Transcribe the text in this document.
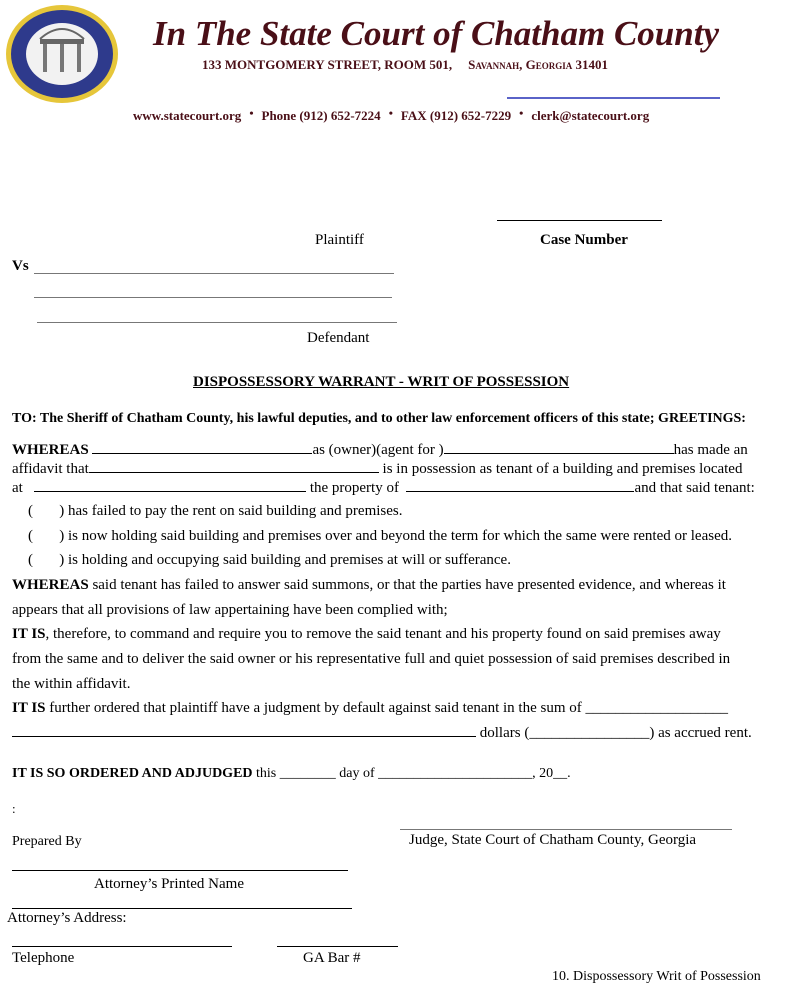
In The State Court of Chatham County
133 MONTGOMERY STREET, ROOM 501, Savannah, Georgia 31401
www.statecourt.org • Phone (912) 652-7224 • FAX (912) 652-7229 • clerk@statecourt.org
Plaintiff	Case Number
Vs
Defendant
DISPOSSESSORY WARRANT - WRIT OF POSSESSION
TO: The Sheriff of Chatham County, his lawful deputies, and to other law enforcement officers of this state; GREETINGS:
WHEREAS	as (owner)(agent for )	has made an
affidavit that	is in possession as tenant of a building and premises located
at	the property of	and that said tenant:
(       ) has failed to pay the rent on said building and premises.
(       ) is now holding said building and premises over and beyond the term for which the same were rented or leased.
(       ) is holding and occupying said building and premises at will or sufferance.
WHEREAS said tenant has failed to answer said summons, or that the parties have presented evidence, and whereas it
appears that all provisions of law appertaining have been complied with;
IT IS, therefore, to command and require you to remove the said tenant and his property found on said premises away
from the same and to deliver the said owner or his representative full and quiet possession of said premises described in
the within affidavit.
IT IS further ordered that plaintiff have a judgment by default against said tenant in the sum of ___________________
dollars (________________) as accrued rent.
IT IS SO ORDERED AND ADJUDGED this ________ day of ______________________, 20__.
:
Prepared By	Judge, State Court of Chatham County, Georgia
Attorney’s Printed Name
Attorney’s Address:
Telephone	GA Bar #
10. Dispossessory Writ of Possession
